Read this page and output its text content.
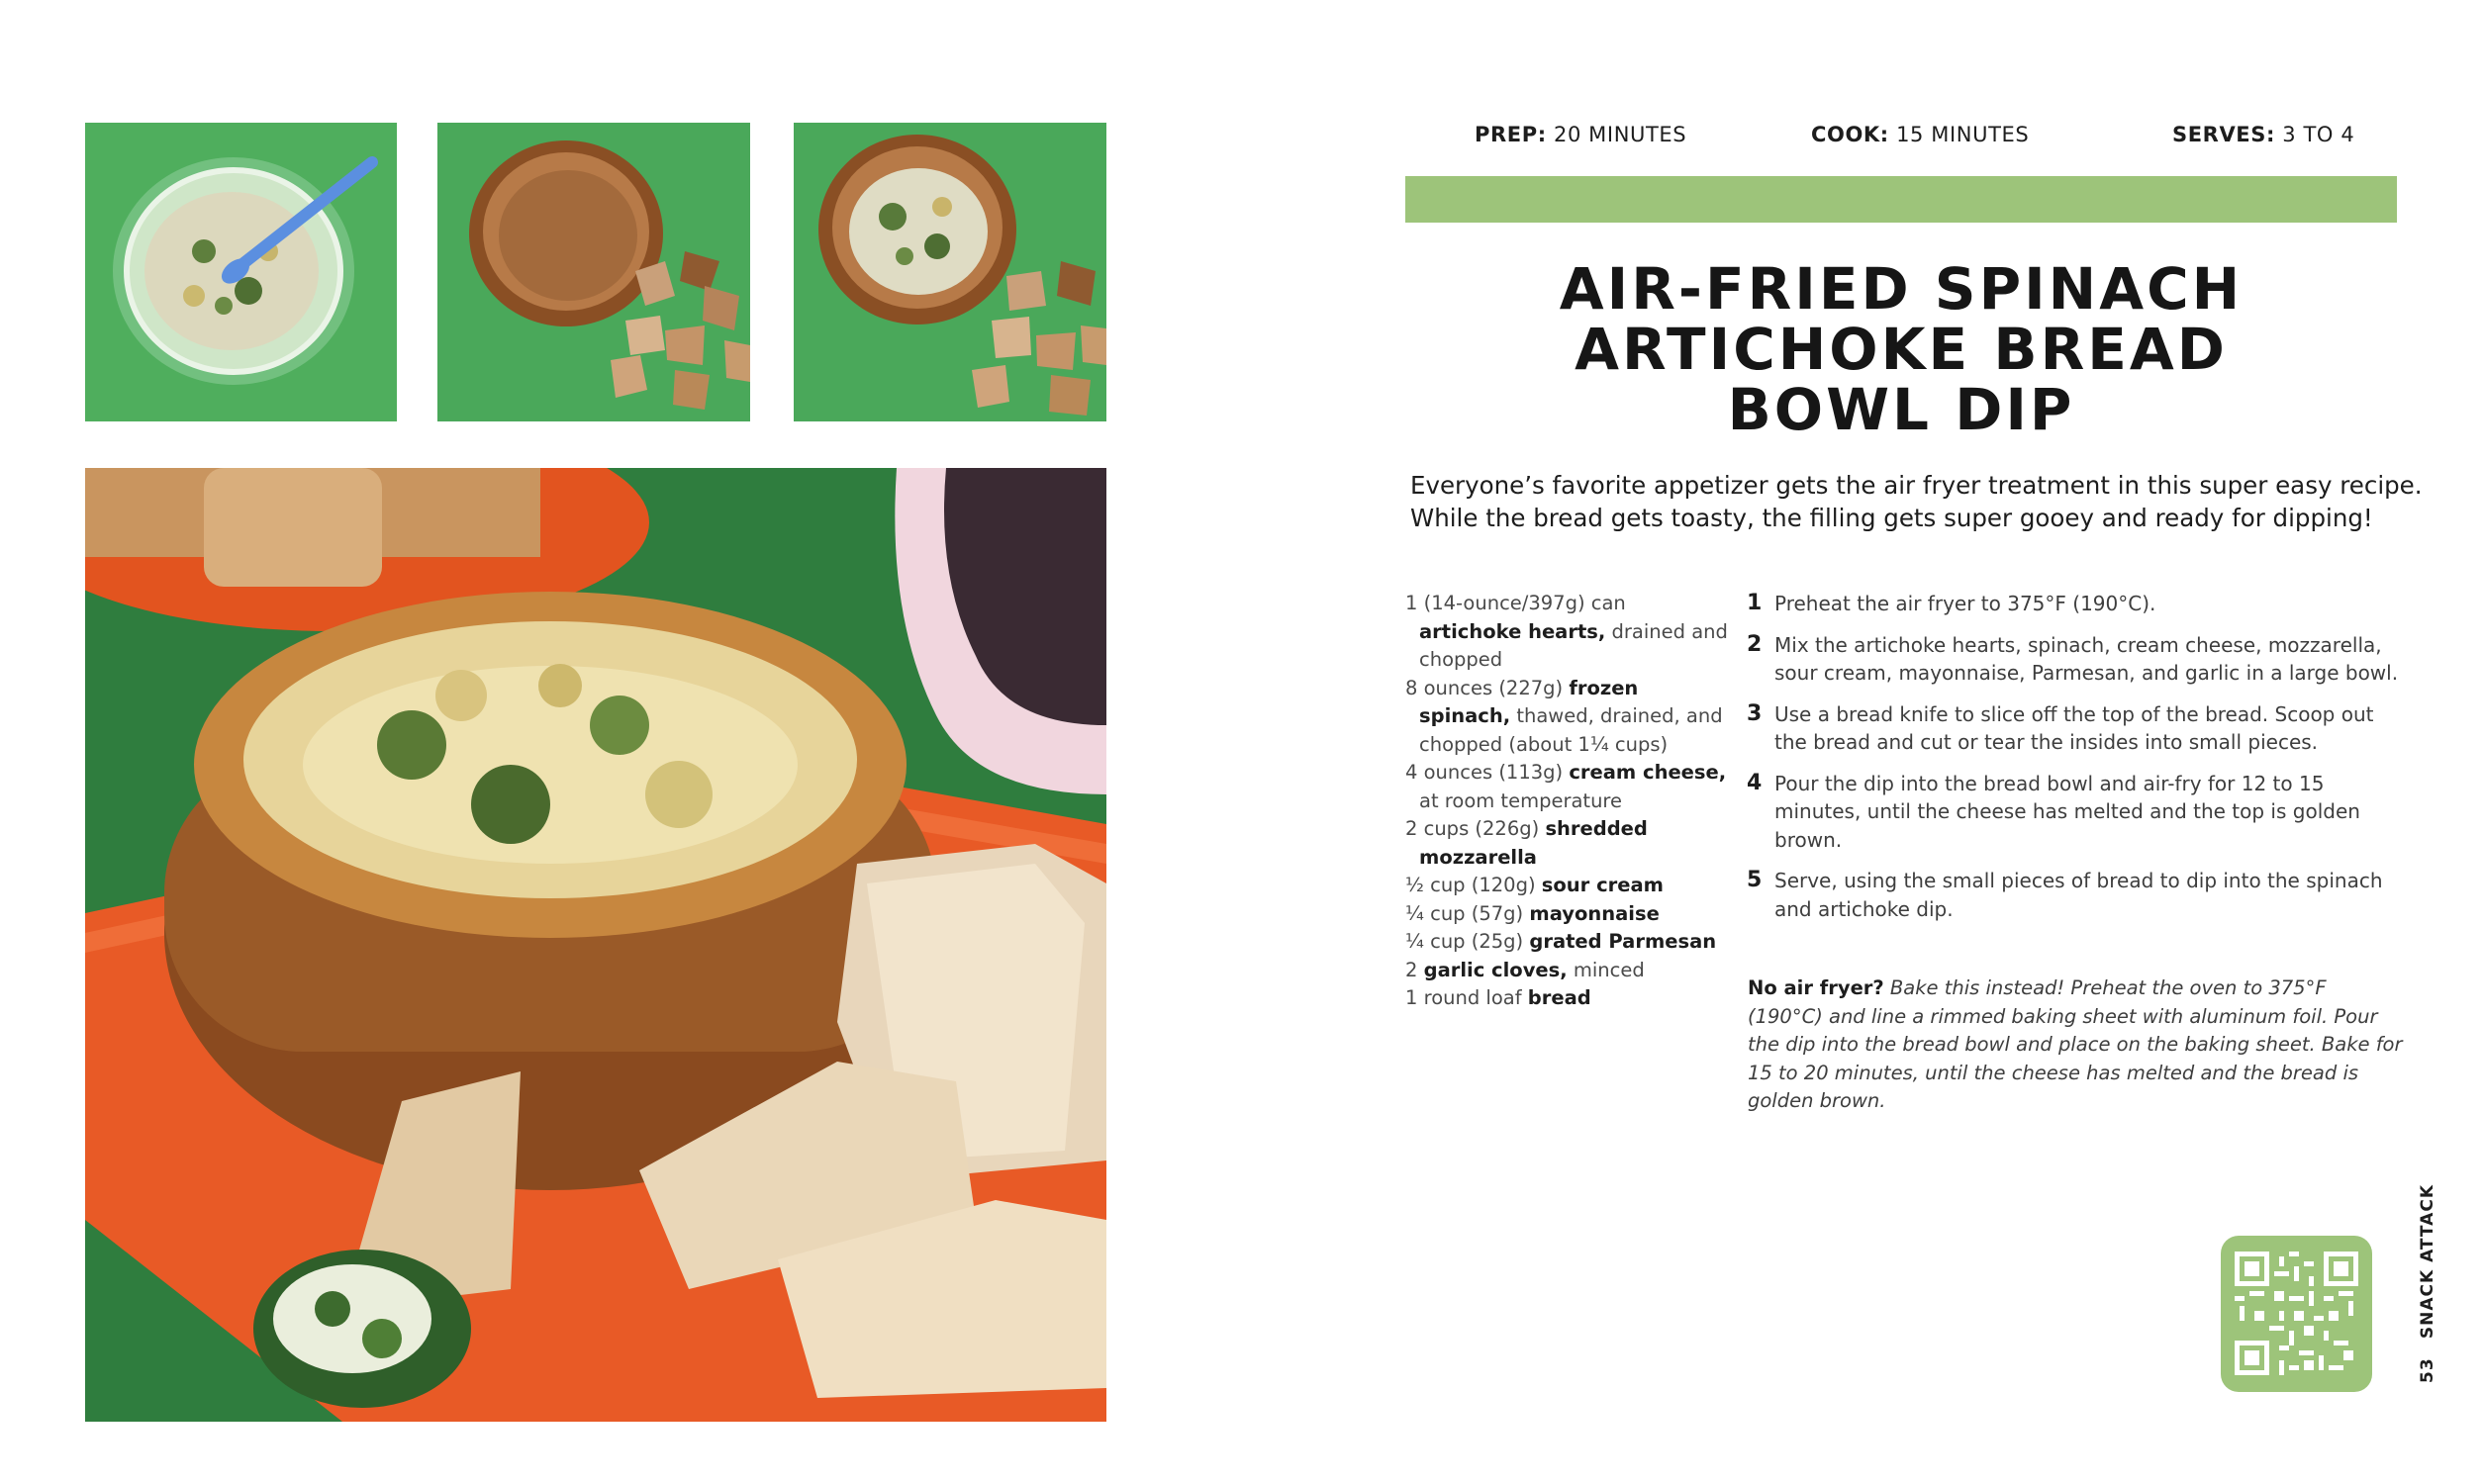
PREP: 20 MINUTES	COOK: 15 MINUTES	SERVES: 3 TO 4
AIR-FRIED SPINACH
ARTICHOKE BREAD
BOWL DIP
Everyone’s favorite appetizer gets the air fryer treatment in this super easy recipe.
While the bread gets toasty, the filling gets super gooey and ready for dipping!
1 (14-ounce/397g) can artichoke hearts, drained and chopped
8 ounces (227g) frozen spinach, thawed, drained, and chopped (about 1¼ cups)
4 ounces (113g) cream cheese, at room temperature
2 cups (226g) shredded mozzarella
½ cup (120g) sour cream
¼ cup (57g) mayonnaise
¼ cup (25g) grated Parmesan
2 garlic cloves, minced
1 round loaf bread
1 Preheat the air fryer to 375°F (190°C).
2 Mix the artichoke hearts, spinach, cream cheese, mozzarella, sour cream, mayonnaise, Parmesan, and garlic in a large bowl.
3 Use a bread knife to slice off the top of the bread. Scoop out the bread and cut or tear the insides into small pieces.
4 Pour the dip into the bread bowl and air-fry for 12 to 15 minutes, until the cheese has melted and the top is golden brown.
5 Serve, using the small pieces of bread to dip into the spinach and artichoke dip.
No air fryer? Bake this instead! Preheat the oven to 375°F (190°C) and line a rimmed baking sheet with aluminum foil. Pour the dip into the bread bowl and place on the baking sheet. Bake for 15 to 20 minutes, until the cheese has melted and the bread is golden brown.
53   SNACK ATTACK
